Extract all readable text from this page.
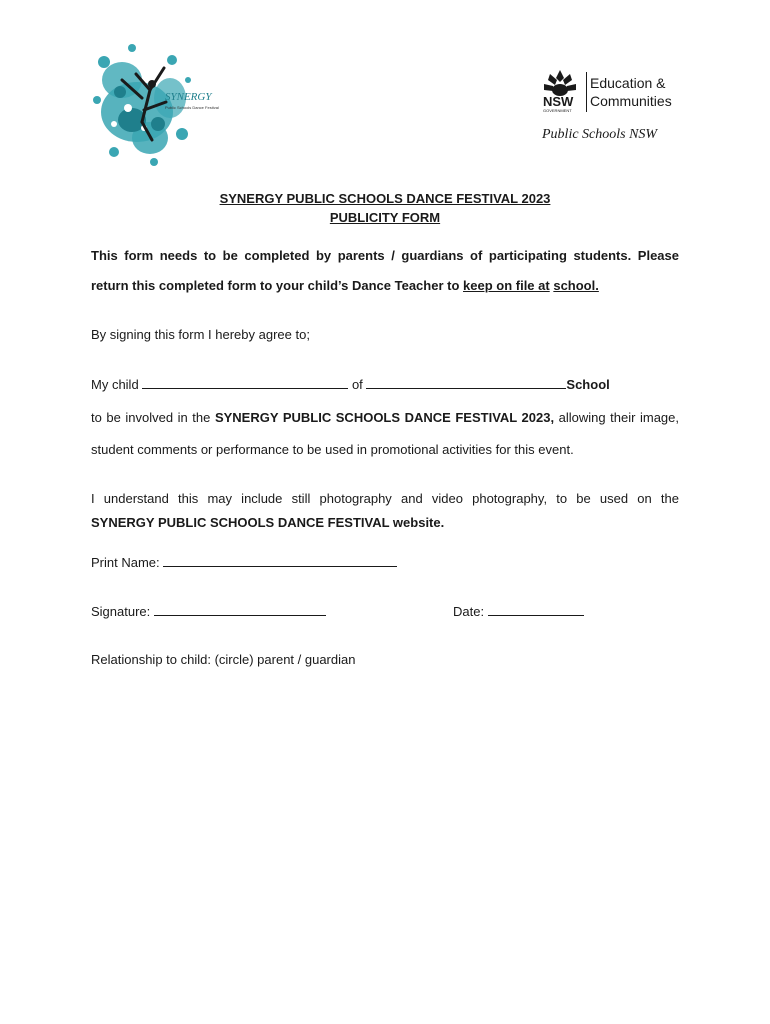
SYNERGY
Public Schools Dance Festival	NSW
GOVERNMENT
Education &
Communities
Public Schools NSW
SYNERGY PUBLIC SCHOOLS DANCE FESTIVAL 2023
PUBLICITY FORM
This form needs to be completed by parents / guardians of participating students. Please
return this completed form to your child’s Dance Teacher to keep on file at school.
By signing this form I hereby agree to;
My child	of	School
to be involved in the SYNERGY PUBLIC SCHOOLS DANCE FESTIVAL 2023, allowing their image,
student comments or performance to be used in promotional activities for this event.
I understand this may include still photography and video photography, to be used on the
SYNERGY PUBLIC SCHOOLS DANCE FESTIVAL website.
Print Name:
Signature:	Date:
Relationship to child: (circle) parent / guardian
